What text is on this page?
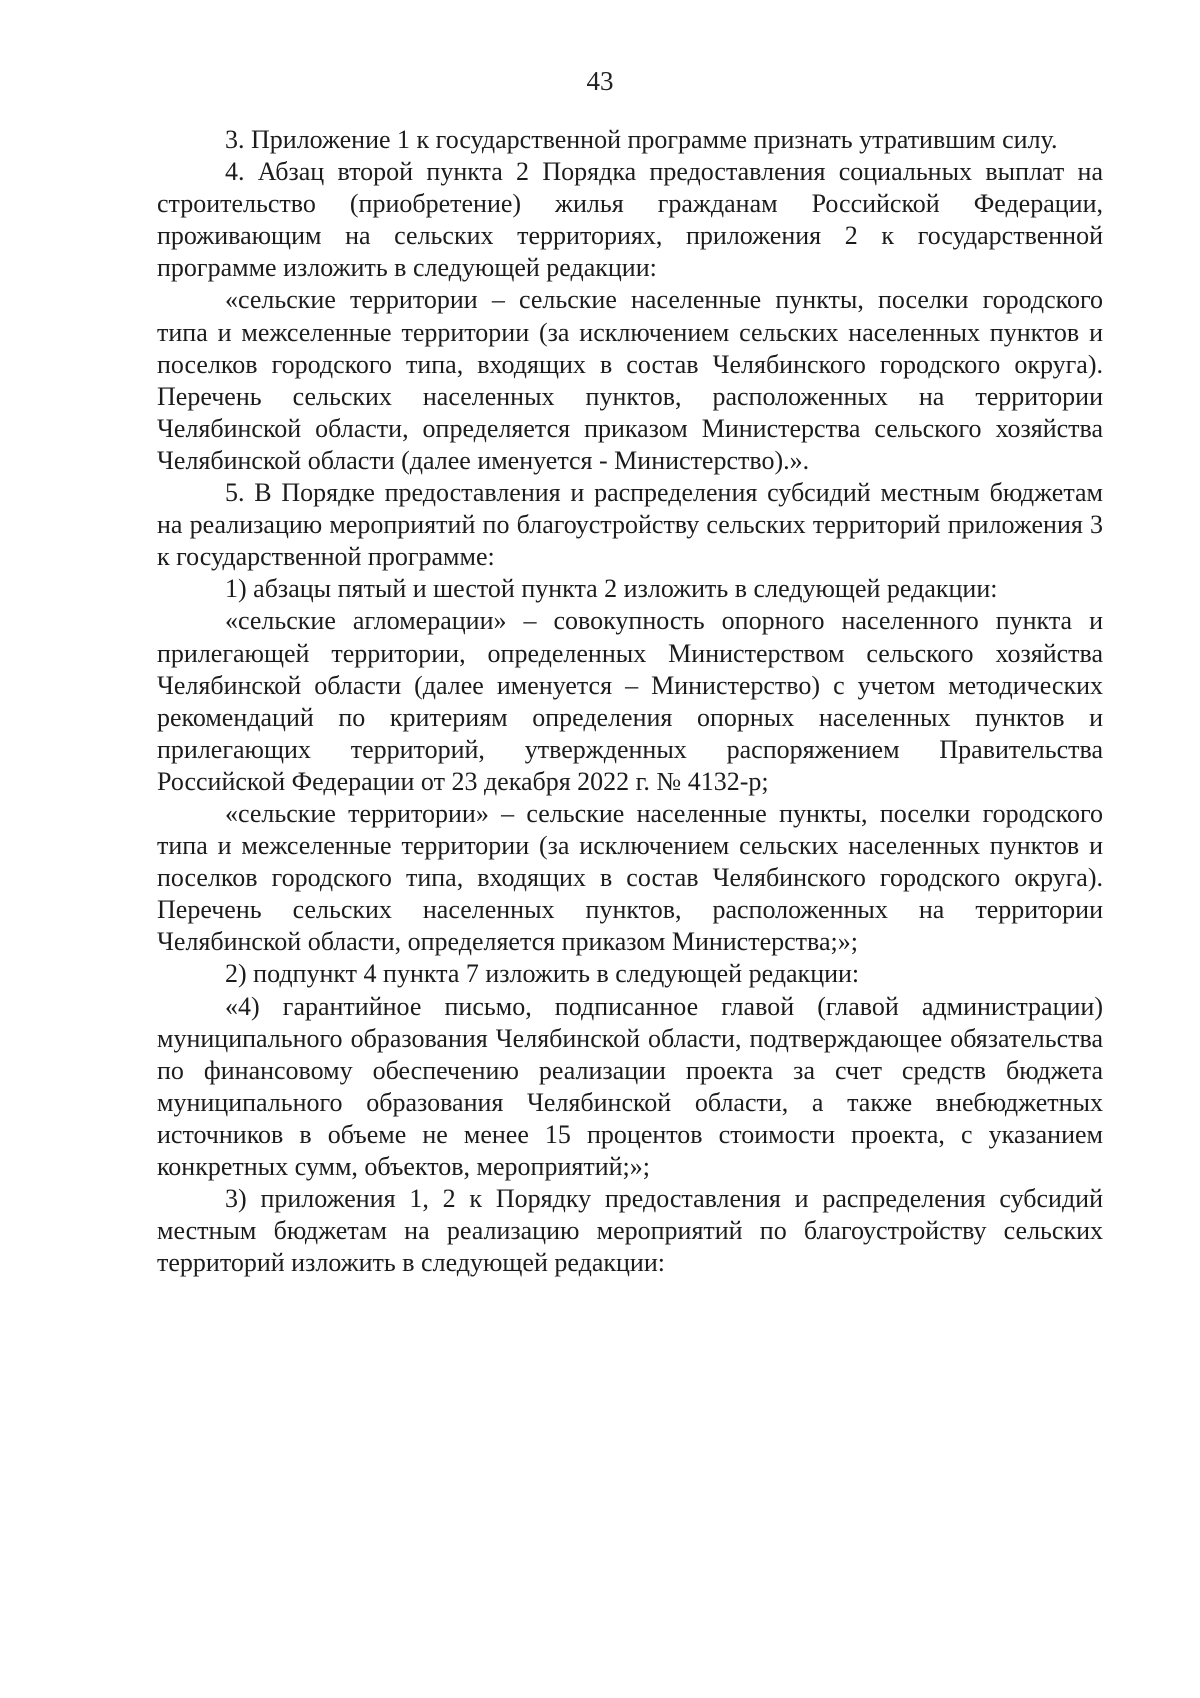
43

3. Приложение 1 к государственной программе признать утратившим силу.

4. Абзац второй пункта 2 Порядка предоставления социальных выплат на строительство (приобретение) жилья гражданам Российской Федерации, проживающим на сельских территориях, приложения 2 к государственной программе изложить в следующей редакции:

«сельские территории – сельские населенные пункты, поселки городского типа и межселенные территории (за исключением сельских населенных пунктов и поселков городского типа, входящих в состав Челябинского городского округа). Перечень сельских населенных пунктов, расположенных на территории Челябинской области, определяется приказом Министерства сельского хозяйства Челябинской области (далее именуется - Министерство).».

5. В Порядке предоставления и распределения субсидий местным бюджетам на реализацию мероприятий по благоустройству сельских территорий приложения 3 к государственной программе:

1) абзацы пятый и шестой пункта 2 изложить в следующей редакции:

«сельские агломерации» – совокупность опорного населенного пункта и прилегающей территории, определенных Министерством сельского хозяйства Челябинской области (далее именуется – Министерство) с учетом методических рекомендаций по критериям определения опорных населенных пунктов и прилегающих территорий, утвержденных распоряжением Правительства Российской Федерации от 23 декабря 2022 г. № 4132-р;

«сельские территории» – сельские населенные пункты, поселки городского типа и межселенные территории (за исключением сельских населенных пунктов и поселков городского типа, входящих в состав Челябинского городского округа). Перечень сельских населенных пунктов, расположенных на территории Челябинской области, определяется приказом Министерства;»;

2) подпункт 4 пункта 7 изложить в следующей редакции:

«4) гарантийное письмо, подписанное главой (главой администрации) муниципального образования Челябинской области, подтверждающее обязательства по финансовому обеспечению реализации проекта за счет средств бюджета муниципального образования Челябинской области, а также внебюджетных источников в объеме не менее 15 процентов стоимости проекта, с указанием конкретных сумм, объектов, мероприятий;»;

3) приложения 1, 2 к Порядку предоставления и распределения субсидий местным бюджетам на реализацию мероприятий по благоустройству сельских территорий изложить в следующей редакции:
